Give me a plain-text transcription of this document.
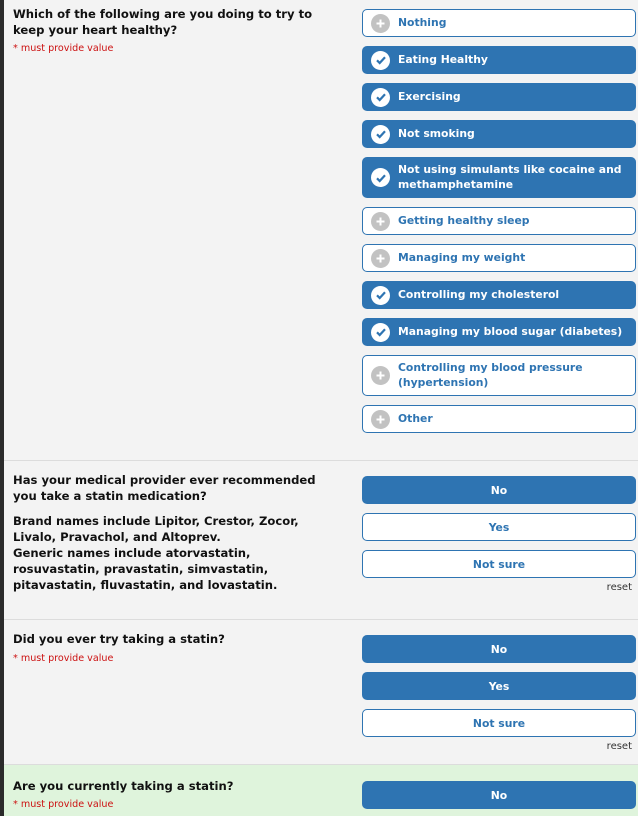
Which of the following are you doing to try to keep your heart healthy?
* must provide value
Nothing
Eating Healthy
Exercising
Not smoking
Not using simulants like cocaine and methamphetamine
Getting healthy sleep
Managing my weight
Controlling my cholesterol
Managing my blood sugar (diabetes)
Controlling my blood pressure (hypertension)
Other

Has your medical provider ever recommended you take a statin medication?

Brand names include Lipitor, Crestor, Zocor, Livalo, Pravachol, and Altoprev.

Generic names include atorvastatin, rosuvastatin, pravastatin, simvastatin, pitavastatin, fluvastatin, and lovastatin.

No
Yes
Not sure
reset
Did you ever try taking a statin?
* must provide value
No
Yes
Not sure
reset
Are you currently taking a statin?
* must provide value
No
